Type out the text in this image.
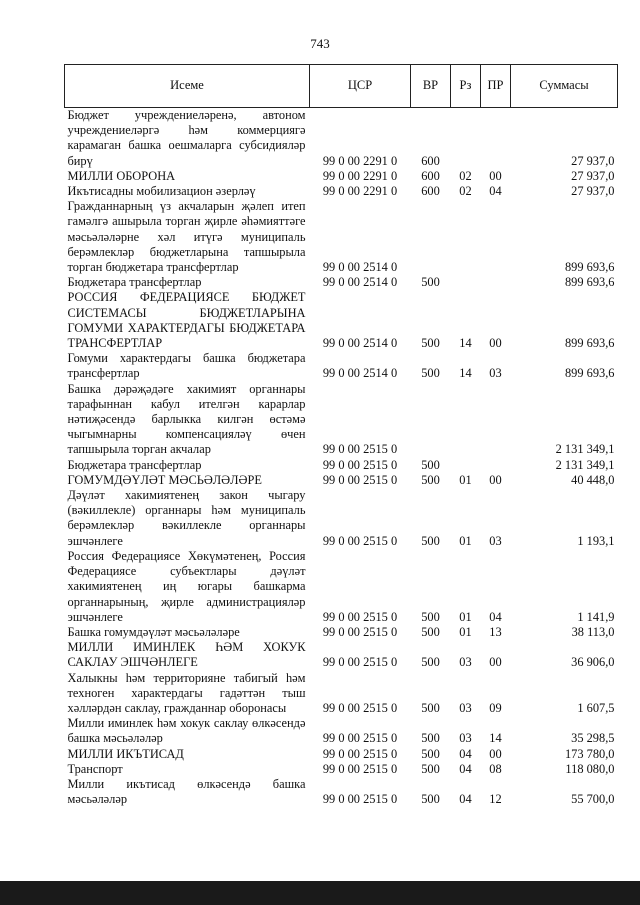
743
Исеме	ЦСР	ВР	Рз	ПР	Суммасы
Бюджет учреждениеләренә, автоном учреждениеләргә һәм коммерциягә карамаган башка оешмаларга субсидияләр бирү	99 0 00 2291 0	600			27 937,0
МИЛЛИ ОБОРОНА	99 0 00 2291 0	600	02	00	27 937,0
Икътисадны мобилизацион әзерләү	99 0 00 2291 0	600	02	04	27 937,0
Гражданнарның үз акчаларын җәлеп итеп гамәлгә ашырыла торган җирле әһәмияттәге мәсьәләләрне хәл итүгә муниципаль берәмлекләр бюджетларына тапшырыла торган бюджетара трансфертлар	99 0 00 2514 0				899 693,6
Бюджетара трансфертлар	99 0 00 2514 0	500			899 693,6
РОССИЯ ФЕДЕРАЦИЯСЕ БЮДЖЕТ СИСТЕМАСЫ БЮДЖЕТЛАРЫНА ГОМУМИ ХАРАКТЕРДАГЫ БЮДЖЕТАРА ТРАНСФЕРТЛАР	99 0 00 2514 0	500	14	00	899 693,6
Гомуми характердагы башка бюджетара трансфертлар	99 0 00 2514 0	500	14	03	899 693,6
Башка дәрәҗәдәге хакимият органнары тарафыннан кабул ителгән карарлар нәтиҗәсендә барлыкка килгән өстәмә чыгымнарны компенсацияләү өчен тапшырыла торган акчалар	99 0 00 2515 0				2 131 349,1
Бюджетара трансфертлар	99 0 00 2515 0	500			2 131 349,1
ГОМУМДӘҮЛӘТ МӘСЬӘЛӘЛӘРЕ	99 0 00 2515 0	500	01	00	40 448,0
Дәүләт хакимиятенең закон чыгару (вәкиллекле) органнары һәм муниципаль берәмлекләр вәкиллекле органнары эшчәнлеге	99 0 00 2515 0	500	01	03	1 193,1
Россия Федерациясе Хөкүмәтенең, Россия Федерациясе субъектлары дәүләт хакимиятенең иң югары башкарма органнарының, җирле администрацияләр эшчәнлеге	99 0 00 2515 0	500	01	04	1 141,9
Башка гомумдәүләт мәсьәләләре	99 0 00 2515 0	500	01	13	38 113,0
МИЛЛИ ИМИНЛЕК ҺӘМ ХОКУК САКЛАУ ЭШЧӘНЛЕГЕ	99 0 00 2515 0	500	03	00	36 906,0
Халыкны һәм территорияне табигый һәм техноген характердагы гадәттән тыш хәлләрдән саклау, гражданнар оборонасы	99 0 00 2515 0	500	03	09	1 607,5
Милли иминлек һәм хокук саклау өлкәсендә башка мәсьәләләр	99 0 00 2515 0	500	03	14	35 298,5
МИЛЛИ ИКЪТИСАД	99 0 00 2515 0	500	04	00	173 780,0
Транспорт	99 0 00 2515 0	500	04	08	118 080,0
Милли икътисад өлкәсендә башка мәсьәләләр	99 0 00 2515 0	500	04	12	55 700,0
